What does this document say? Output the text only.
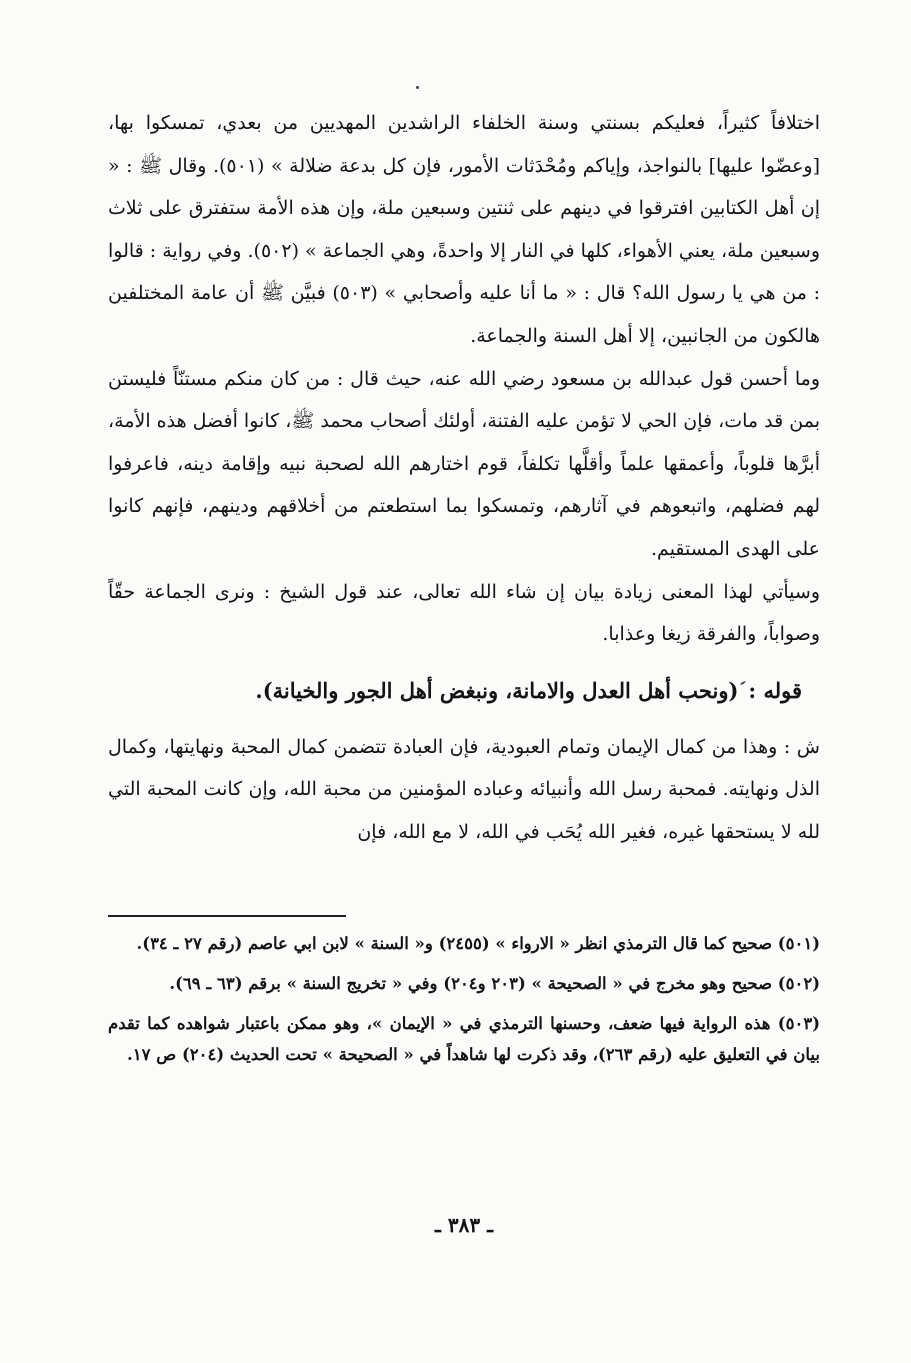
اختلافاً كثيراً، فعليكم بسنتي وسنة الخلفاء الراشدين المهديين من بعدي، تمسكوا بها، [وعضّوا عليها] بالنواجذ، وإياكم ومُحْدَثات الأمور، فإن كل بدعة ضلالة » (٥٠١). وقال ﷺ : « إن أهل الكتابين افترقوا في دينهم على ثنتين وسبعين ملة، وإن هذه الأمة ستفترق على ثلاث وسبعين ملة، يعني الأهواء، كلها في النار إلا واحدةً، وهي الجماعة » (٥٠٢). وفي رواية : قالوا : من هي يا رسول الله؟ قال : « ما أنا عليه وأصحابي » (٥٠٣) فبيَّن ﷺ أن عامة المختلفين هالكون من الجانبين، إلا أهل السنة والجماعة.

وما أحسن قول عبدالله بن مسعود رضي الله عنه، حيث قال : من كان منكم مستنّاً فليستن بمن قد مات، فإن الحي لا تؤمن عليه الفتنة، أولئك أصحاب محمد ﷺ، كانوا أفضل هذه الأمة، أبرَّها قلوباً، وأعمقها علماً وأقلَّها تكلفاً، قوم اختارهم الله لصحبة نبيه وإقامة دينه، فاعرفوا لهم فضلهم، واتبعوهم في آثارهم، وتمسكوا بما استطعتم من أخلاقهم ودينهم، فإنهم كانوا على الهدى المستقيم.

وسيأتي لهذا المعنى زيادة بيان إن شاء الله تعالى، عند قول الشيخ : ونرى الجماعة حقّاً وصواباً، والفرقة زيغا وعذابا.

قوله :(ونحب أهل العدل والامانة، ونبغض أهل الجور والخيانة).

ش : وهذا من كمال الإيمان وتمام العبودية، فإن العبادة تتضمن كمال المحبة ونهايتها، وكمال الذل ونهايته. فمحبة رسل الله وأنبيائه وعباده المؤمنين من محبة الله، وإن كانت المحبة التي لله لا يستحقها غيره، فغير الله يُحَب في الله، لا مع الله، فإن

(٥٠١) صحيح كما قال الترمذي انظر « الارواء » (٢٤٥٥) و« السنة » لابن ابي عاصم (رقم ٢٧ ـ ٣٤).

(٥٠٢) صحيح وهو مخرج في « الصحيحة » (٢٠٣ و٢٠٤) وفي « تخريج السنة » برقم (٦٣ ـ ٦٩).

(٥٠٣) هذه الرواية فيها ضعف، وحسنها الترمذي في « الإيمان »، وهو ممكن باعتبار شواهده كما تقدم بيان في التعليق عليه (رقم ٢٦٣)، وقد ذكرت لها شاهداً في « الصحيحة » تحت الحديث (٢٠٤) ص ١٧.

ـ ٣٨٣ ـ
